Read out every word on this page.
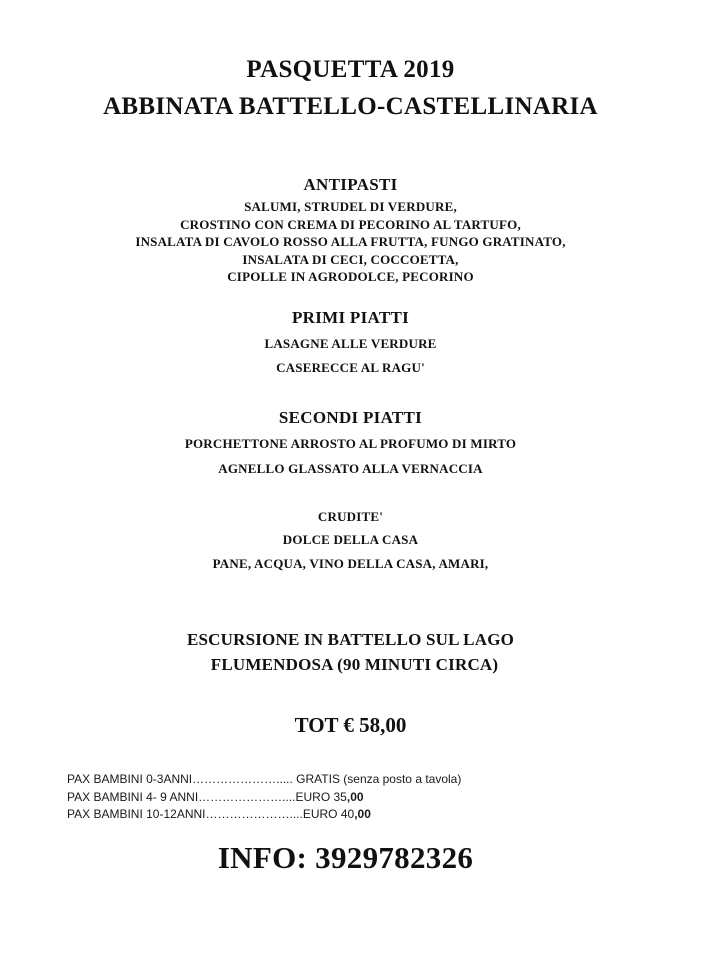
PASQUETTA 2019
ABBINATA BATTELLO-CASTELLINARIA
ANTIPASTI
SALUMI, STRUDEL DI VERDURE,
CROSTINO CON CREMA DI PECORINO AL TARTUFO,
INSALATA DI CAVOLO ROSSO ALLA FRUTTA, FUNGO GRATINATO,
INSALATA DI CECI, COCCOETTA,
CIPOLLE IN AGRODOLCE, PECORINO
PRIMI PIATTI
LASAGNE ALLE VERDURE
CASERECCE AL RAGU'
SECONDI PIATTI
PORCHETTONE ARROSTO AL PROFUMO DI MIRTO
AGNELLO GLASSATO ALLA VERNACCIA
CRUDITE'
DOLCE DELLA CASA
PANE, ACQUA, VINO DELLA CASA, AMARI,
ESCURSIONE IN BATTELLO SUL LAGO
FLUMENDOSA (90 MINUTI CIRCA)
TOT € 58,00
PAX BAMBINI 0-3ANNI…………………..... GRATIS (senza posto a tavola)
PAX BAMBINI 4- 9 ANNI…………………....EURO 35,00
PAX BAMBINI 10-12ANNI…………………....EURO 40,00
INFO: 3929782326
